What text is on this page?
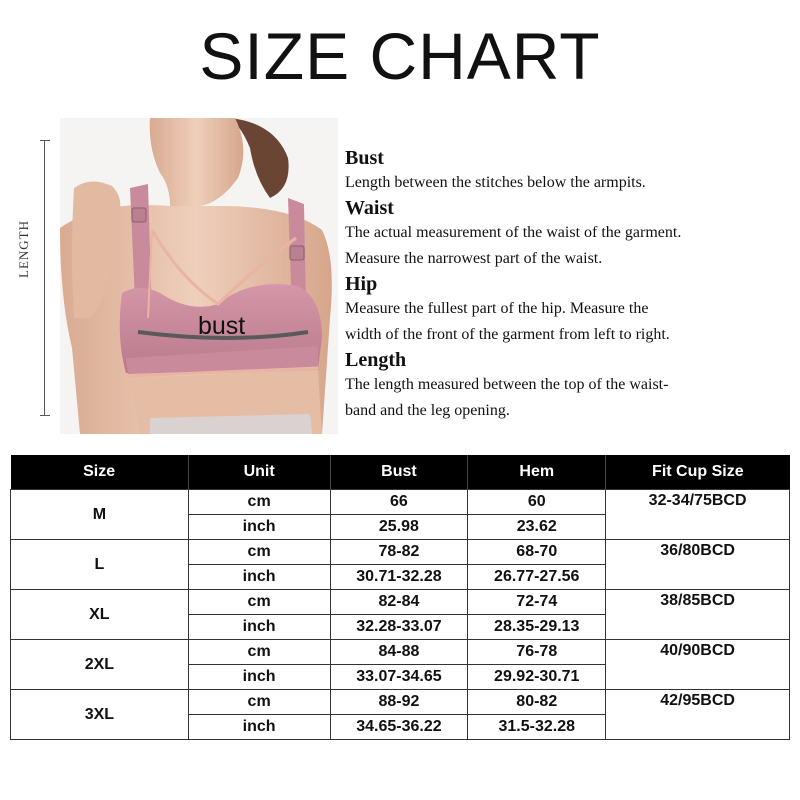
SIZE CHART
LENGTH
bust
Bust
Length between the stitches below the armpits.
Waist
The actual measurement of the waist of the garment.
Measure the narrowest part of the waist.
Hip
Measure the fullest part of the hip. Measure the
width of the front of the garment from left to right.
Length
The length measured between the top of the waist-
band and the leg opening.
Size	Unit	Bust	Hem	Fit Cup Size
M	cm	66	60	32-34/75BCD
	inch	25.98	23.62	
L	cm	78-82	68-70	36/80BCD
	inch	30.71-32.28	26.77-27.56	
XL	cm	82-84	72-74	38/85BCD
	inch	32.28-33.07	28.35-29.13	
2XL	cm	84-88	76-78	40/90BCD
	inch	33.07-34.65	29.92-30.71	
3XL	cm	88-92	80-82	42/95BCD
	inch	34.65-36.22	31.5-32.28	
